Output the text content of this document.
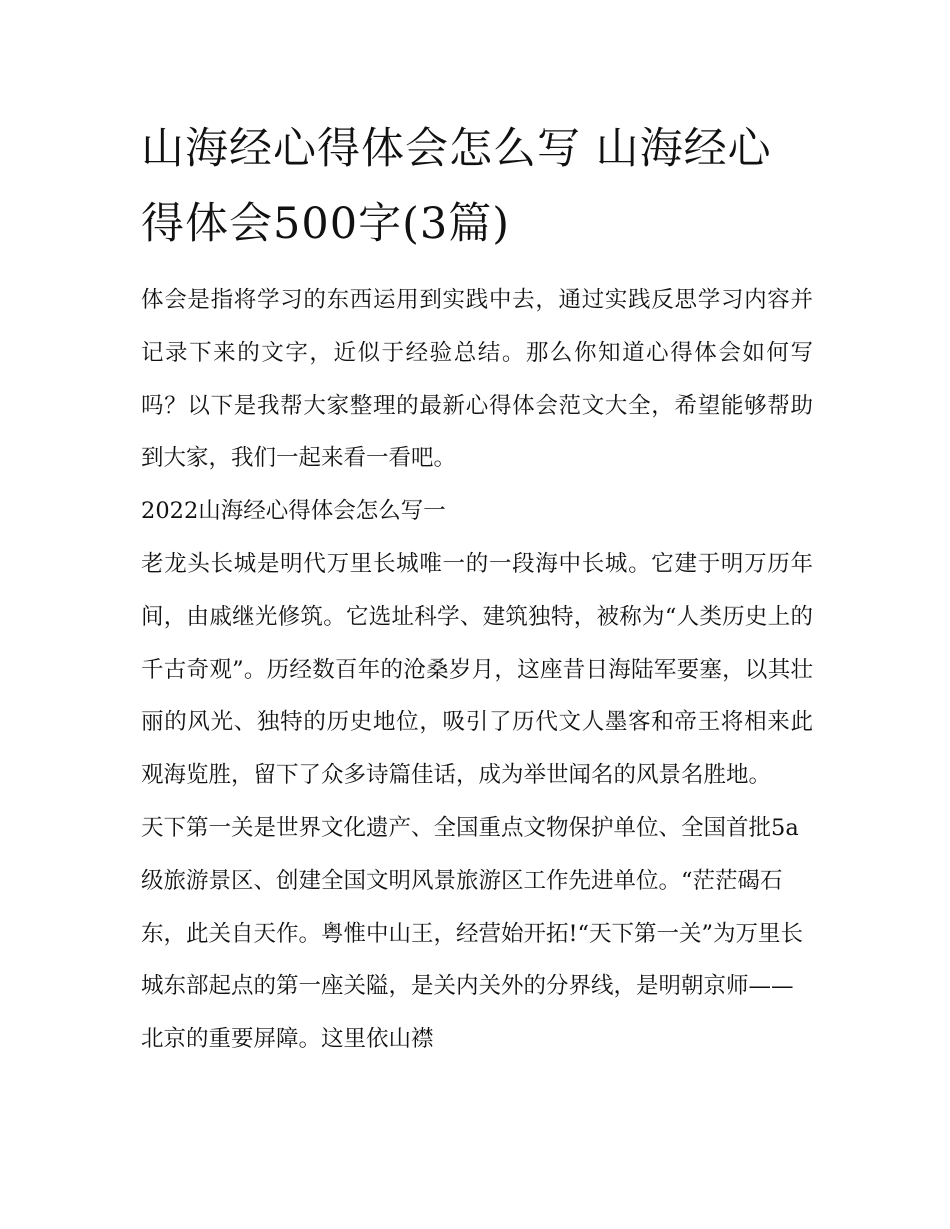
山海经心得体会怎么写 山海经心得体会500字(3篇)

体会是指将学习的东西运用到实践中去，通过实践反思学习内容并记录下来的文字，近似于经验总结。那么你知道心得体会如何写吗？以下是我帮大家整理的最新心得体会范文大全，希望能够帮助到大家，我们一起来看一看吧。

2022山海经心得体会怎么写一

老龙头长城是明代万里长城唯一的一段海中长城。它建于明万历年间，由戚继光修筑。它选址科学、建筑独特，被称为“人类历史上的千古奇观”。历经数百年的沧桑岁月，这座昔日海陆军要塞，以其壮丽的风光、独特的历史地位，吸引了历代文人墨客和帝王将相来此观海览胜，留下了众多诗篇佳话，成为举世闻名的风景名胜地。

天下第一关是世界文化遗产、全国重点文物保护单位、全国首批5a级旅游景区、创建全国文明风景旅游区工作先进单位。“茫茫碣石东，此关自天作。粤惟中山王，经营始开拓!“天下第一关”为万里长城东部起点的第一座关隘，是关内关外的分界线，是明朝京师——北京的重要屏障。这里依山襟
